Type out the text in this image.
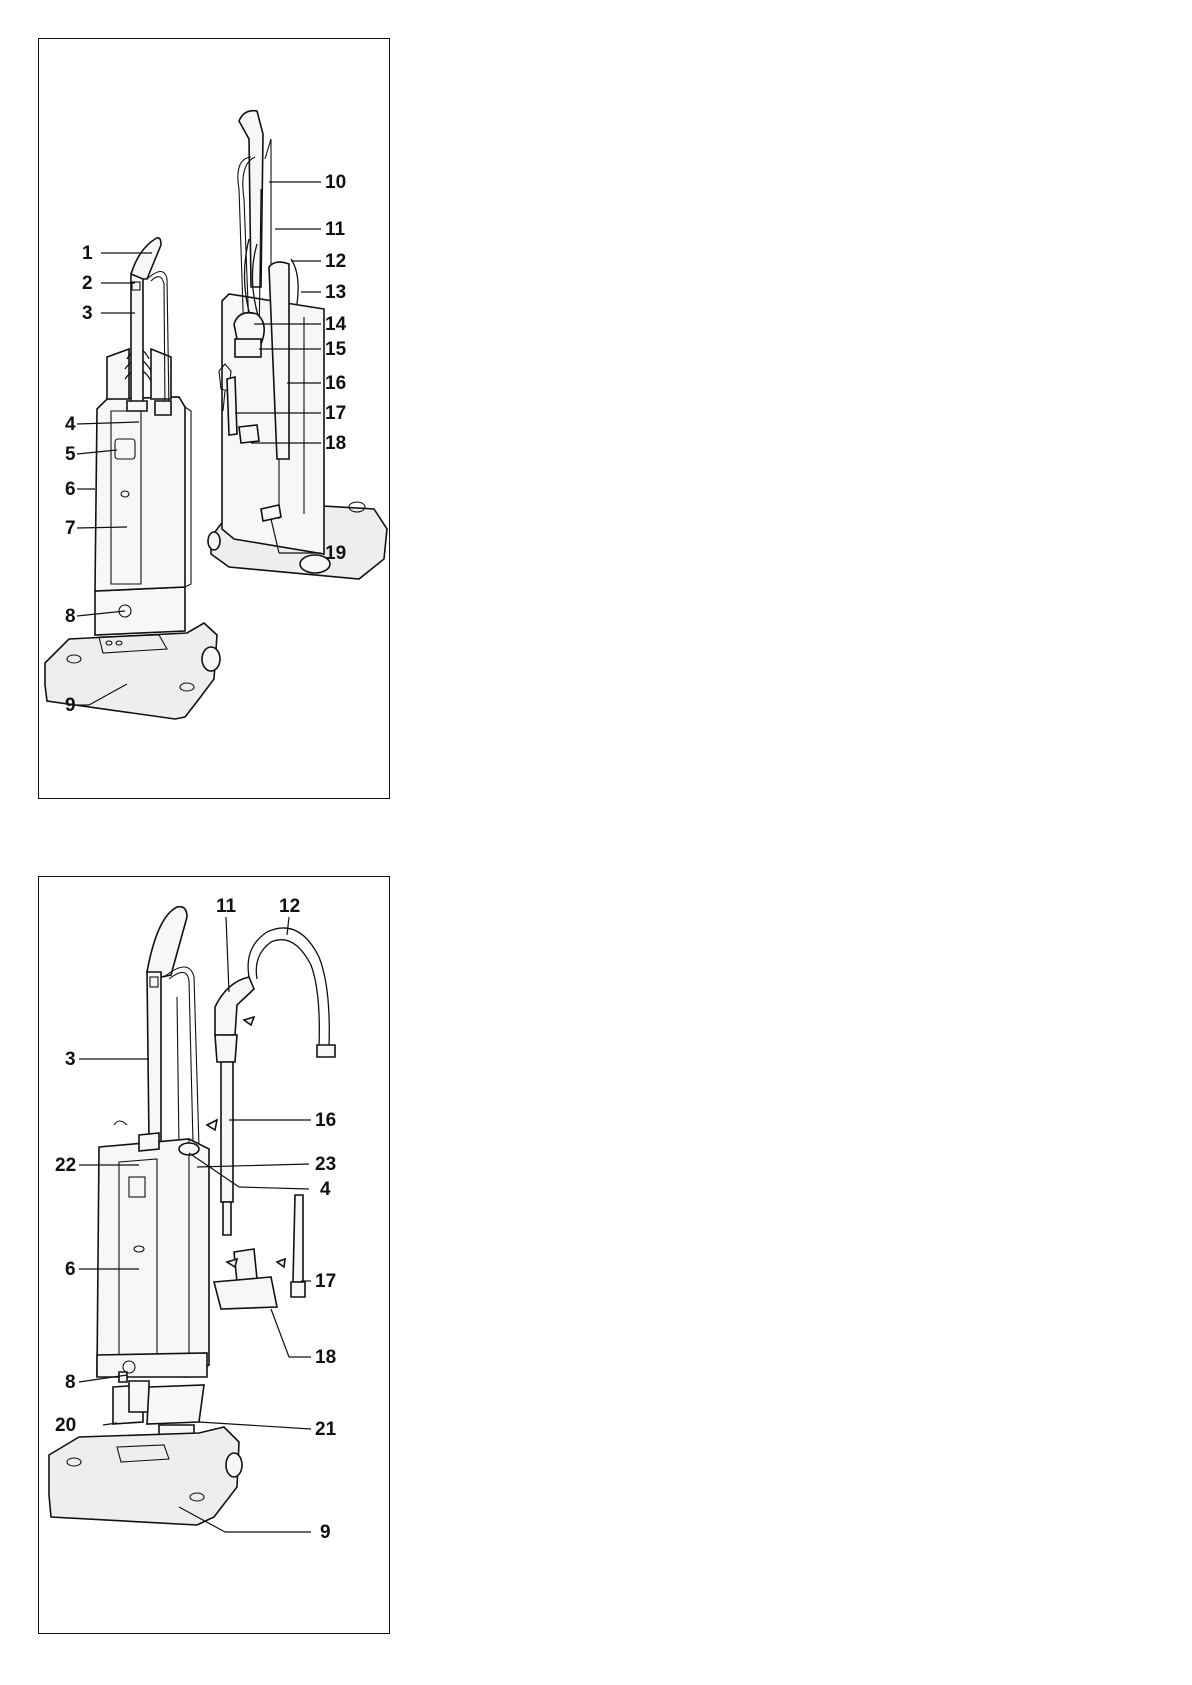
1
2
3
4
5
6
7
8
9
10
11
12
13
14
15
16
17
18
19
11 12
3
16
22	23
4
6
17
18
8
20	21
9
